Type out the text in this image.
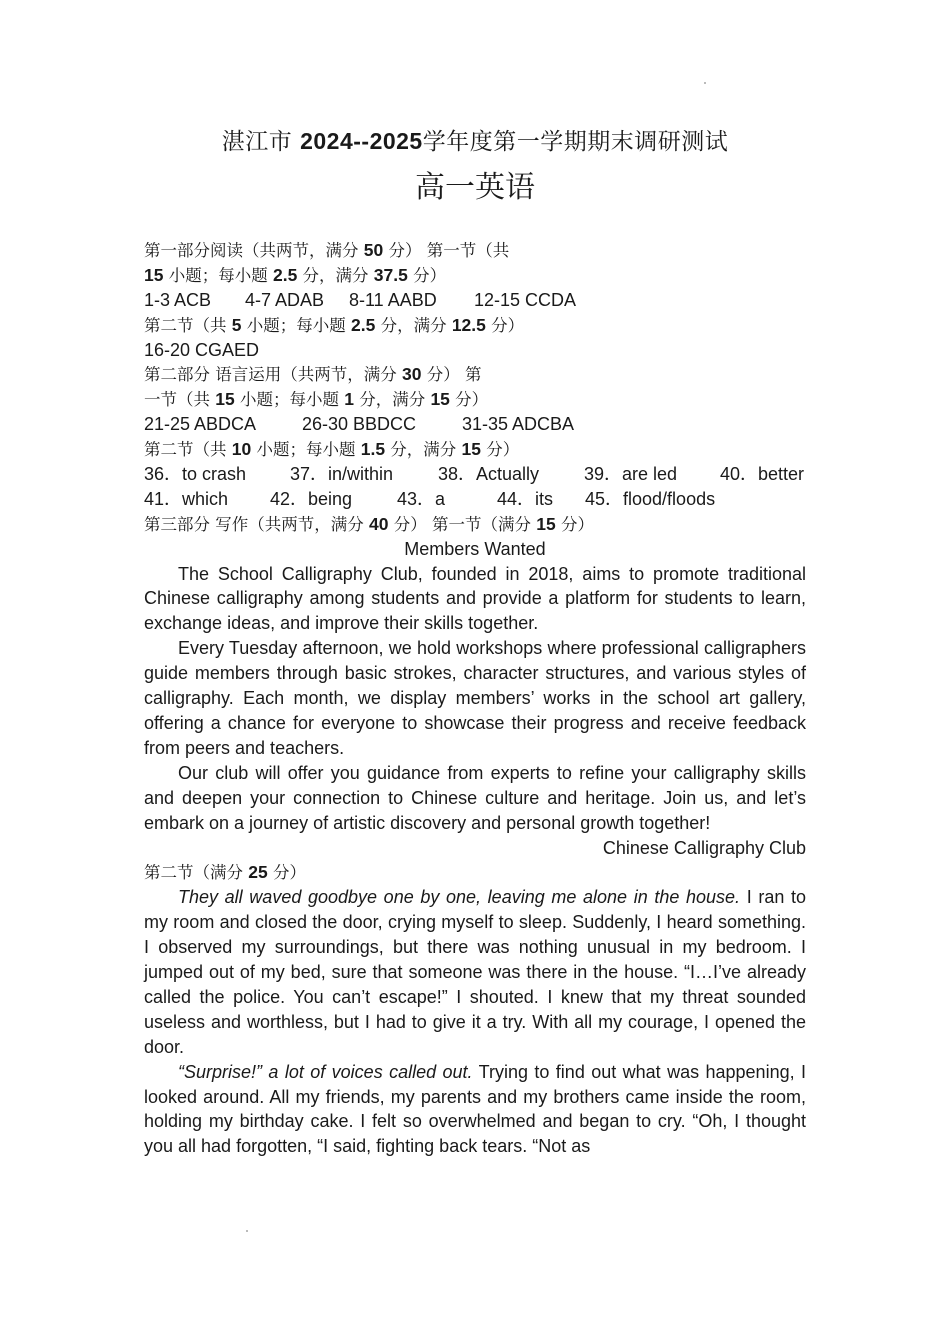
湛江市 2024--2025学年度第一学期期末调研测试
高一英语
第一部分阅读（共两节，满分 50 分） 第一节（共
15 小题；每小题 2.5 分，满分 37.5 分）
1-3 ACB	4-7 ADAB	8-11 AABD	12-15 CCDA
第二节（共 5 小题；每小题 2.5 分，满分 12.5 分）
16-20 CGAED
第二部分 语言运用（共两节，满分 30 分） 第
一节（共 15 小题；每小题 1 分，满分 15 分）
21-25 ABDCA	26-30 BBDCC	31-35 ADCBA
第二节（共 10 小题；每小题 1.5 分，满分 15 分）
36．to crash	37．in/within	38．Actually	39．are led	40．better
41．which	42．being	43．a	44．its	45．flood/floods
第三部分 写作（共两节，满分 40 分） 第一节（满分 15 分）
Members Wanted

The School Calligraphy Club, founded in 2018, aims to promote traditional Chinese calligraphy among students and provide a platform for students to learn, exchange ideas, and improve their skills together.

Every Tuesday afternoon, we hold workshops where professional calligraphers guide members through basic strokes, character structures, and various styles of calligraphy. Each month, we display members’ works in the school art gallery, offering a chance for everyone to showcase their progress and receive feedback from peers and teachers.

Our club will offer you guidance from experts to refine your calligraphy skills and deepen your connection to Chinese culture and heritage. Join us, and let’s embark on a journey of artistic discovery and personal growth together!

Chinese Calligraphy Club
第二节（满分 25 分）

They all waved goodbye one by one, leaving me alone in the house. I ran to my room and closed the door, crying myself to sleep. Suddenly, I heard something. I observed my surroundings, but there was nothing unusual in my bedroom. I jumped out of my bed, sure that someone was there in the house. “I…I’ve already called the police. You can’t escape!” I shouted. I knew that my threat sounded useless and worthless, but I had to give it a try. With all my courage, I opened the door.

“Surprise!” a lot of voices called out. Trying to find out what was happening, I looked around. All my friends, my parents and my brothers came inside the room, holding my birthday cake. I felt so overwhelmed and began to cry. “Oh, I thought you all had forgotten, “I said, fighting back tears. “Not as
